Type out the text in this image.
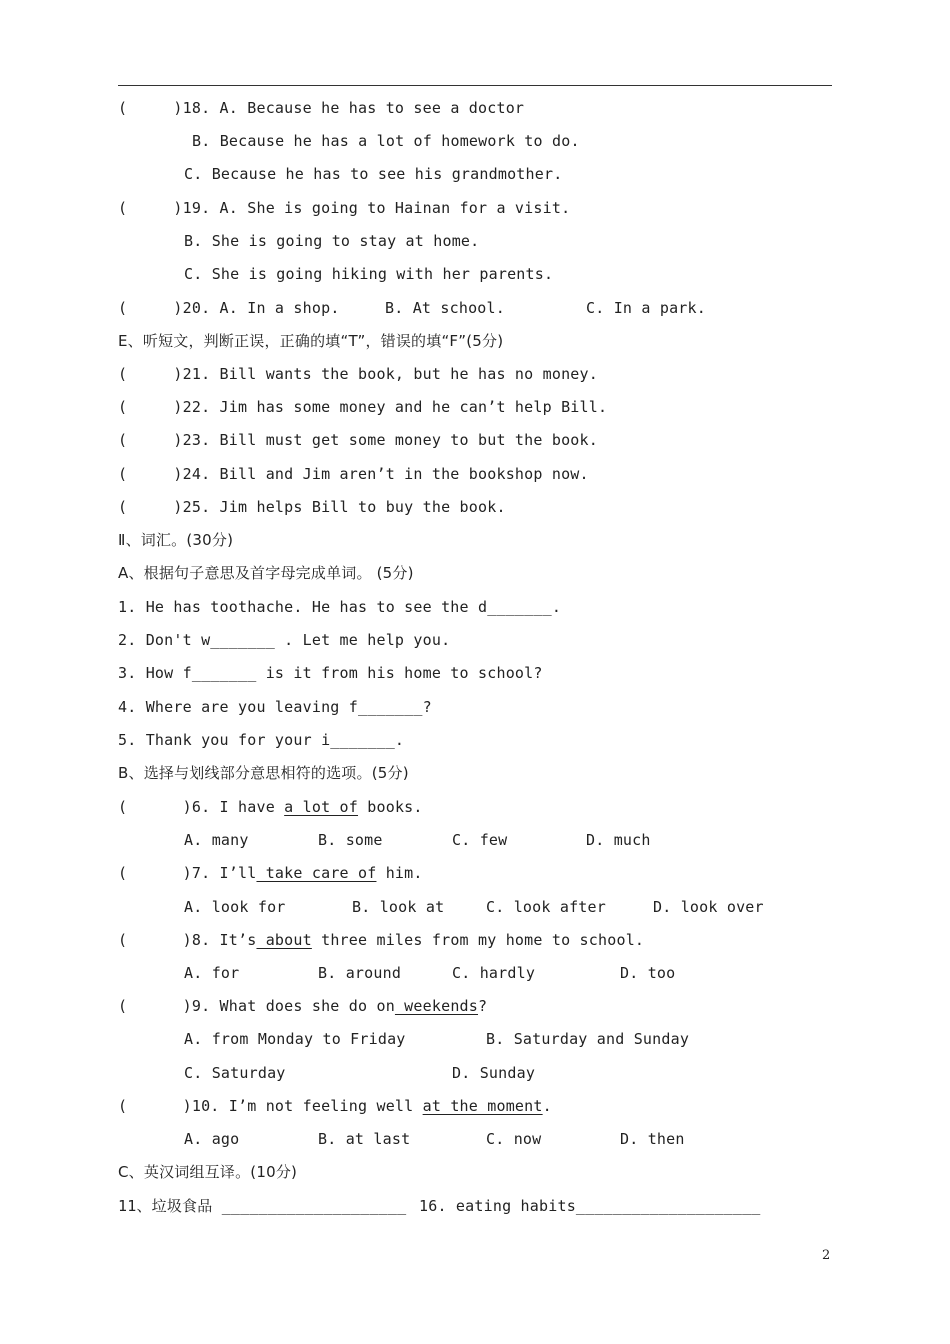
(     )18. A. Because he has to see a doctor
B. Because he has a lot of homework to do.
C. Because he has to see his grandmother.
(     )19. A. She is going to Hainan for a visit.
B. She is going to stay at home.
C. She is going hiking with her parents.
(     )20. A. In a shop.	B. At school.	C. In a park.
E、听短文，判断正误，正确的填“T”，错误的填“F”(5分)
(     )21. Bill wants the book, but he has no money.
(     )22. Jim has some money and he can’t help Bill.
(     )23. Bill must get some money to but the book.
(     )24. Bill and Jim aren’t in the bookshop now.
(     )25. Jim helps Bill to buy the book.
Ⅱ、词汇。(30分)
A、根据句子意思及首字母完成单词。 (5分)
1. He has toothache. He has to see the d_______.
2. Don't w_______ . Let me help you.
3. How f_______ is it from his home to school?
4. Where are you leaving f_______?
5. Thank you for your i_______.
B、选择与划线部分意思相符的选项。(5分)
(      )6. I have a lot of books.
A. many	B. some	C. few	D. much
(      )7. I’ll take care of him.
A. look for	B. look at	C. look after	D. look over
(      )8. It’s about three miles from my home to school.
A. for	B. around	C. hardly	D. too
(      )9. What does she do on weekends?
A. from Monday to Friday	B. Saturday and Sunday
C. Saturday	D. Sunday
(      )10. I’m not feeling well at the moment.
A. ago	B. at last	C. now	D. then
C、英汉词组互译。(10分)
11、垃圾食品 ____________________ 16. eating habits____________________
2
